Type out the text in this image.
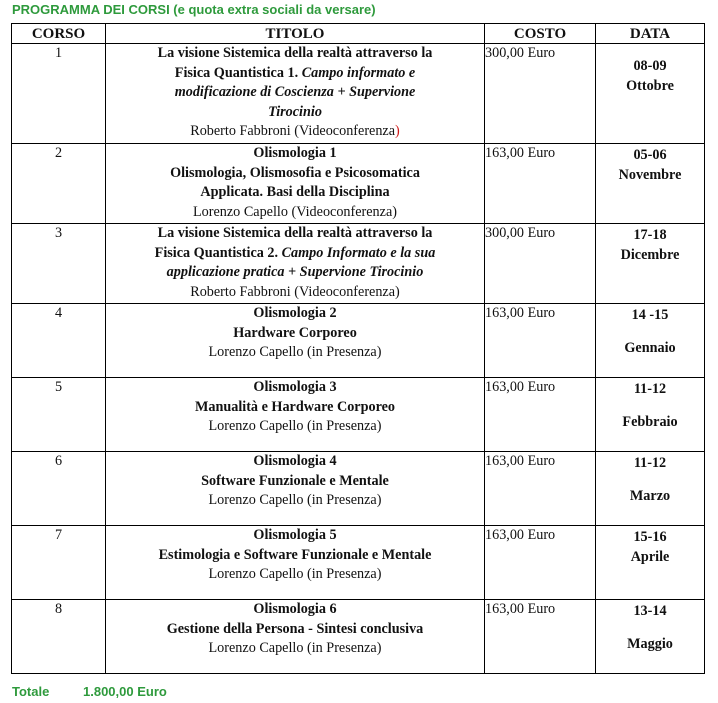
PROGRAMMA DEI CORSI (e quota extra sociali da versare)
CORSO	TITOLO	COSTO	DATA
1	La visione Sistemica della realtà attraverso la
Fisica Quantistica 1. Campo informato e
modificazione di Coscienza + Supervione
Tirocinio
Roberto Fabbroni (Videoconferenza)	300,00 Euro	08-09
Ottobre

2	Olismologia 1
Olismologia, Olismosofia e Psicosomatica
Applicata. Basi della Disciplina
Lorenzo Capello (Videoconferenza)	163,00 Euro	05-06
Novembre

3	La visione Sistemica della realtà attraverso la
Fisica Quantistica 2. Campo Informato e la sua
applicazione pratica + Supervione Tirocinio
Roberto Fabbroni (Videoconferenza)	300,00 Euro	17-18
Dicembre

4	Olismologia 2
Hardware Corporeo
Lorenzo Capello (in Presenza)	163,00 Euro	14 -15
Gennaio

5	Olismologia 3
Manualità e Hardware Corporeo
Lorenzo Capello (in Presenza)	163,00 Euro	11-12
Febbraio

6	Olismologia 4
Software Funzionale e Mentale
Lorenzo Capello (in Presenza)	163,00 Euro	11-12
Marzo

7	Olismologia 5
Estimologia e Software Funzionale e Mentale
Lorenzo Capello (in Presenza)	163,00 Euro	15-16
Aprile

8	Olismologia 6
Gestione della Persona - Sintesi conclusiva
Lorenzo Capello (in Presenza)	163,00 Euro	13-14
Maggio
Totale	1.800,00 Euro
